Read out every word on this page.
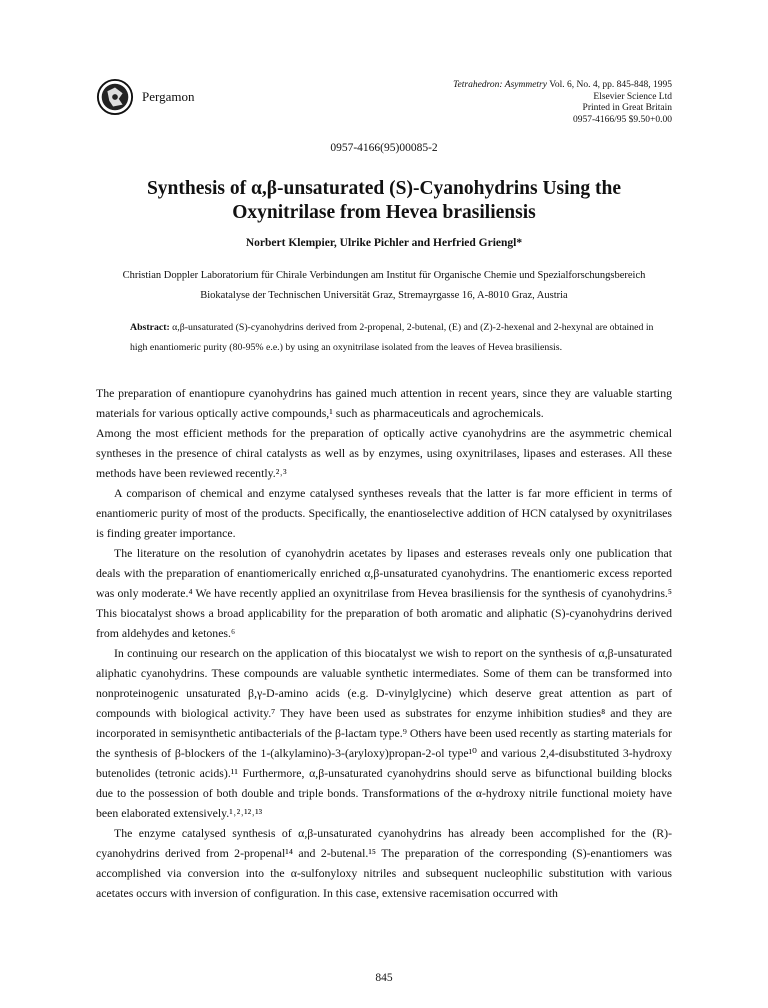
Pergamon
Tetrahedron: Asymmetry Vol. 6, No. 4, pp. 845-848, 1995
Elsevier Science Ltd
Printed in Great Britain
0957-4166/95 $9.50+0.00
0957-4166(95)00085-2
Synthesis of α,β-unsaturated (S)-Cyanohydrins Using the
Oxynitrilase from Hevea brasiliensis
Norbert Klempier, Ulrike Pichler and Herfried Griengl*
Christian Doppler Laboratorium für Chirale Verbindungen am Institut für Organische Chemie und Spezialforschungsbereich
Biokatalyse der Technischen Universität Graz, Stremayrgasse 16, A-8010 Graz, Austria
Abstract: α,β-unsaturated (S)-cyanohydrins derived from 2-propenal, 2-butenal, (E) and (Z)-2-hexenal and 2-hexynal are obtained in high enantiomeric purity (80-95% e.e.) by using an oxynitrilase isolated from the leaves of Hevea brasiliensis.

The preparation of enantiopure cyanohydrins has gained much attention in recent years, since they are valuable starting materials for various optically active compounds,¹ such as pharmaceuticals and agrochemicals.

Among the most efficient methods for the preparation of optically active cyanohydrins are the asymmetric chemical syntheses in the presence of chiral catalysts as well as by enzymes, using oxynitrilases, lipases and esterases. All these methods have been reviewed recently.²˒³

A comparison of chemical and enzyme catalysed syntheses reveals that the latter is far more efficient in terms of enantiomeric purity of most of the products. Specifically, the enantioselective addition of HCN catalysed by oxynitrilases is finding greater importance.

The literature on the resolution of cyanohydrin acetates by lipases and esterases reveals only one publication that deals with the preparation of enantiomerically enriched α,β-unsaturated cyanohydrins. The enantiomeric excess reported was only moderate.⁴ We have recently applied an oxynitrilase from Hevea brasiliensis for the synthesis of cyanohydrins.⁵ This biocatalyst shows a broad applicability for the preparation of both aromatic and aliphatic (S)-cyanohydrins derived from aldehydes and ketones.⁶

In continuing our research on the application of this biocatalyst we wish to report on the synthesis of α,β-unsaturated aliphatic cyanohydrins. These compounds are valuable synthetic intermediates. Some of them can be transformed into nonproteinogenic unsaturated β,γ-D-amino acids (e.g. D-vinylglycine) which deserve great attention as part of compounds with biological activity.⁷ They have been used as substrates for enzyme inhibition studies⁸ and they are incorporated in semisynthetic antibacterials of the β-lactam type.⁹ Others have been used recently as starting materials for the synthesis of β-blockers of the 1-(alkylamino)-3-(aryloxy)propan-2-ol type¹⁰ and various 2,4-disubstituted 3-hydroxy butenolides (tetronic acids).¹¹ Furthermore, α,β-unsaturated cyanohydrins should serve as bifunctional building blocks due to the possession of both double and triple bonds. Transformations of the α-hydroxy nitrile functional moiety have been elaborated extensively.¹˒²˒¹²˒¹³

The enzyme catalysed synthesis of α,β-unsaturated cyanohydrins has already been accomplished for the (R)-cyanohydrins derived from 2-propenal¹⁴ and 2-butenal.¹⁵ The preparation of the corresponding (S)-enantiomers was accomplished via conversion into the α-sulfonyloxy nitriles and subsequent nucleophilic substitution with various acetates occurs with inversion of configuration. In this case, extensive racemisation occurred with

845
